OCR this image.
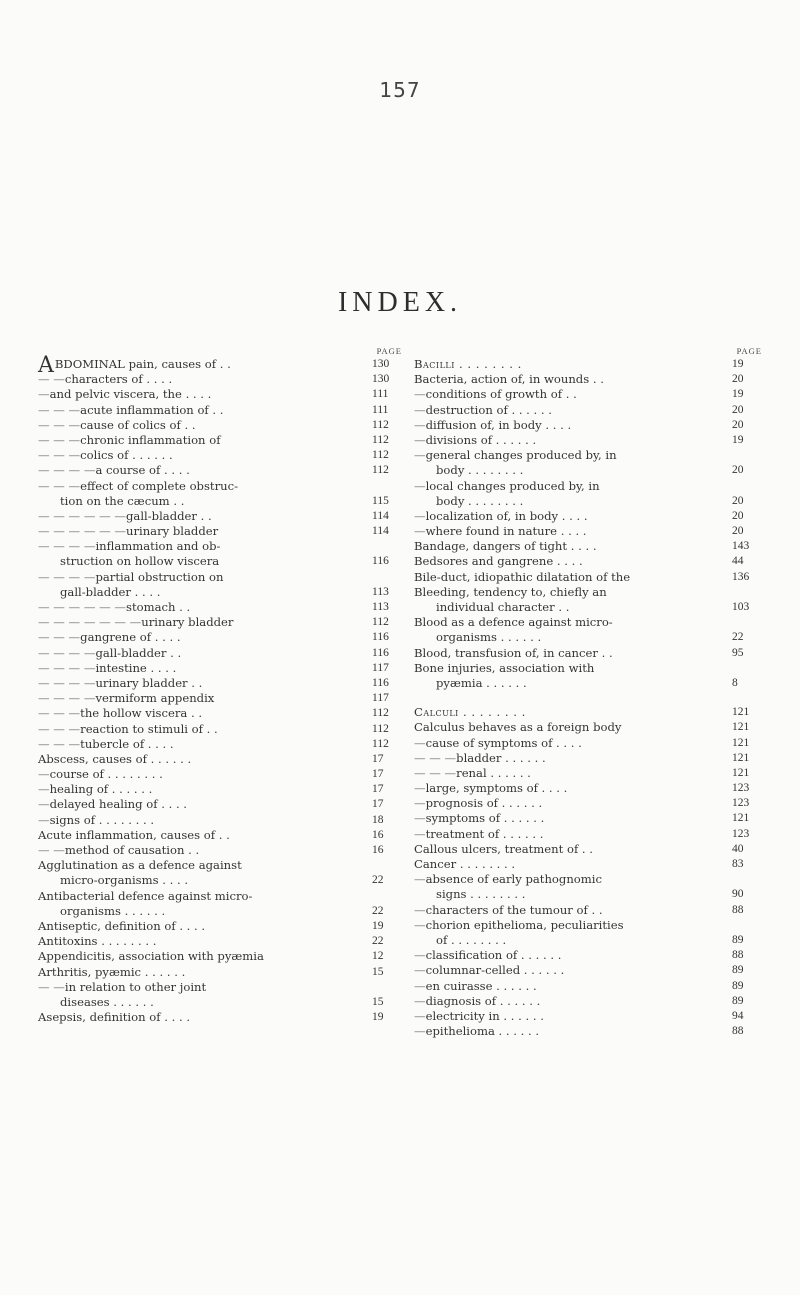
157
INDEX.
PAGE
ABDOMINAL pain, causes of . .	130
— —characters of . . . .	130
—and pelvic viscera, the . . . .	111
— — —acute inflammation of . .	111
— — —cause of colics of . .	112
— — —chronic inflammation of	112
— — —colics of . . . . . .	112
— — — —a course of . . . .	112
— — —effect of complete obstruc-
tion on the cæcum . .	115
— — — — — —gall-bladder . .	114
— — — — — —urinary bladder	114
— — — —inflammation and ob-
struction on hollow viscera	116
— — — —partial obstruction on
gall-bladder . . . .	113
— — — — — —stomach . .	113
— — — — — — —urinary bladder	112
— — —gangrene of . . . .	116
— — — —gall-bladder . .	116
— — — —intestine . . . .	117
— — — —urinary bladder . .	116
— — — —vermiform appendix	117
— — —the hollow viscera . .	112
— — —reaction to stimuli of . .	112
— — —tubercle of . . . .	112
Abscess, causes of . . . . . .	17
—course of . . . . . . . .	17
—healing of . . . . . .	17
—delayed healing of . . . .	17
—signs of . . . . . . . .	18
Acute inflammation, causes of . .	16
— —method of causation . .	16
Agglutination as a defence against
micro-organisms . . . .	22
Antibacterial defence against micro-
organisms . . . . . .	22
Antiseptic, definition of . . . .	19
Antitoxins . . . . . . . .	22
Appendicitis, association with pyæmia	12
Arthritis, pyæmic . . . . . .	15
— —in relation to other joint
diseases . . . . . .	15
Asepsis, definition of . . . .	19
PAGE
Bacilli . . . . . . . .	19
Bacteria, action of, in wounds . .	20
—conditions of growth of . .	19
—destruction of . . . . . .	20
—diffusion of, in body . . . .	20
—divisions of . . . . . .	19
—general changes produced by, in
body . . . . . . . .	20
—local changes produced by, in
body . . . . . . . .	20
—localization of, in body . . . .	20
—where found in nature . . . .	20
Bandage, dangers of tight . . . .	143
Bedsores and gangrene . . . .	44
Bile-duct, idiopathic dilatation of the	136
Bleeding, tendency to, chiefly an
individual character . .	103
Blood as a defence against micro-
organisms . . . . . .	22
Blood, transfusion of, in cancer . .	95
Bone injuries, association with
pyæmia . . . . . .	8
Calculi . . . . . . . .	121
Calculus behaves as a foreign body	121
—cause of symptoms of . . . .	121
— — —bladder . . . . . .	121
— — —renal . . . . . .	121
—large, symptoms of . . . .	123
—prognosis of . . . . . .	123
—symptoms of . . . . . .	121
—treatment of . . . . . .	123
Callous ulcers, treatment of . .	40
Cancer . . . . . . . .	83
—absence of early pathognomic
signs . . . . . . . .	90
—characters of the tumour of . .	88
—chorion epithelioma, peculiarities
of . . . . . . . .	89
—classification of . . . . . .	88
—columnar-celled . . . . . .	89
—en cuirasse . . . . . .	89
—diagnosis of . . . . . .	89
—electricity in . . . . . .	94
—epithelioma . . . . . .	88
